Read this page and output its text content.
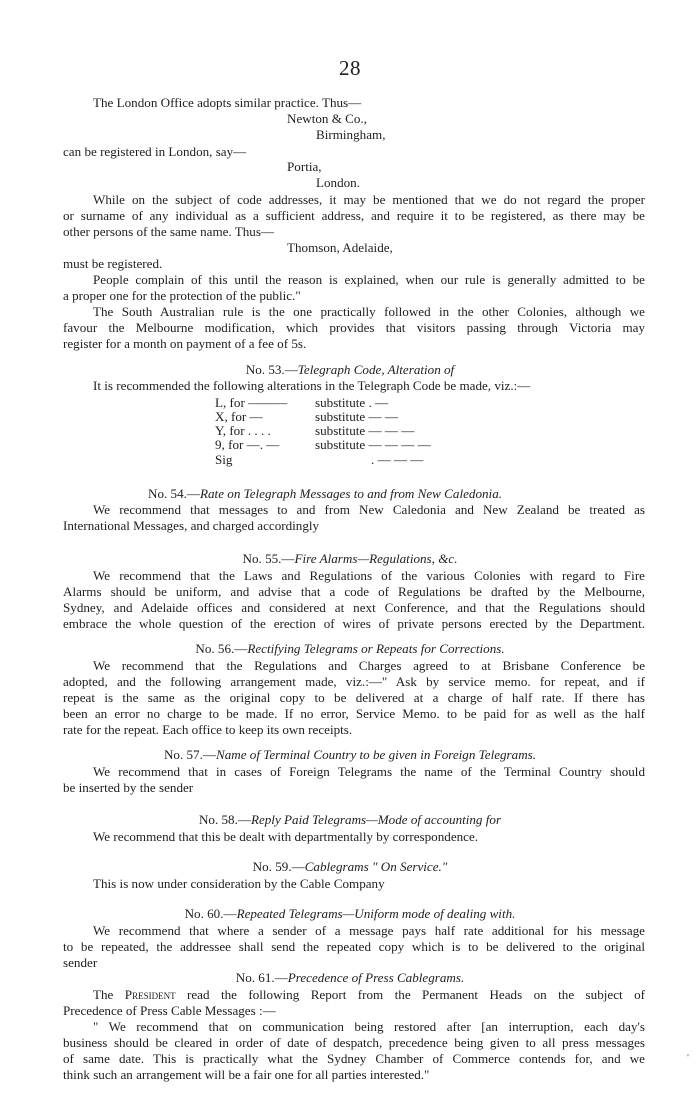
28
The London Office adopts similar practice. Thus—
Newton & Co.,
Birmingham,
can be registered in London, say—
Portia,
London.
While on the subject of code addresses, it may be mentioned that we do not regard the proper
or surname of any individual as a sufficient address, and require it to be registered, as there may be
other persons of the same name. Thus—
Thomson, Adelaide,
must be registered.
People complain of this until the reason is explained, when our rule is generally admitted to be
a proper one for the protection of the public."
The South Australian rule is the one practically followed in the other Colonies, although we
favour the Melbourne modification, which provides that visitors passing through Victoria may
register for a month on payment of a fee of 5s.
No. 53.—Telegraph Code, Alteration of
It is recommended the following alterations in the Telegraph Code be made, viz.:—
L, for ——— substitute . —
X, for —	substitute — —
Y, for . . . .	substitute — — —
9, for —. —	substitute — — — —
Sig	. — — —
No. 54.—Rate on Telegraph Messages to and from New Caledonia.
We recommend that messages to and from New Caledonia and New Zealand be treated as
International Messages, and charged accordingly
No. 55.—Fire Alarms—Regulations, &c.
We recommend that the Laws and Regulations of the various Colonies with regard to Fire
Alarms should be uniform, and advise that a code of Regulations be drafted by the Melbourne,
Sydney, and Adelaide offices and considered at next Conference, and that the Regulations should
embrace the whole question of the erection of wires of private persons erected by the Department.
No. 56.—Rectifying Telegrams or Repeats for Corrections.
We recommend that the Regulations and Charges agreed to at Brisbane Conference be
adopted, and the following arrangement made, viz.:—" Ask by service memo. for repeat, and if
repeat is the same as the original copy to be delivered at a charge of half rate. If there has
been an error no charge to be made. If no error, Service Memo. to be paid for as well as the half
rate for the repeat. Each office to keep its own receipts.
No. 57.—Name of Terminal Country to be given in Foreign Telegrams.
We recommend that in cases of Foreign Telegrams the name of the Terminal Country should
be inserted by the sender
No. 58.—Reply Paid Telegrams—Mode of accounting for
We recommend that this be dealt with departmentally by correspondence.
No. 59.—Cablegrams " On Service."
This is now under consideration by the Cable Company
No. 60.—Repeated Telegrams—Uniform mode of dealing with.
We recommend that where a sender of a message pays half rate additional for his message
to be repeated, the addressee shall send the repeated copy which is to be delivered to the original
sender
No. 61.—Precedence of Press Cablegrams.
The President read the following Report from the Permanent Heads on the subject of
Precedence of Press Cable Messages :—
" We recommend that on communication being restored after [an interruption, each day's
business should be cleared in order of date of despatch, precedence being given to all press messages
of same date. This is practically what the Sydney Chamber of Commerce contends for, and we
think such an arrangement will be a fair one for all parties interested."
'
